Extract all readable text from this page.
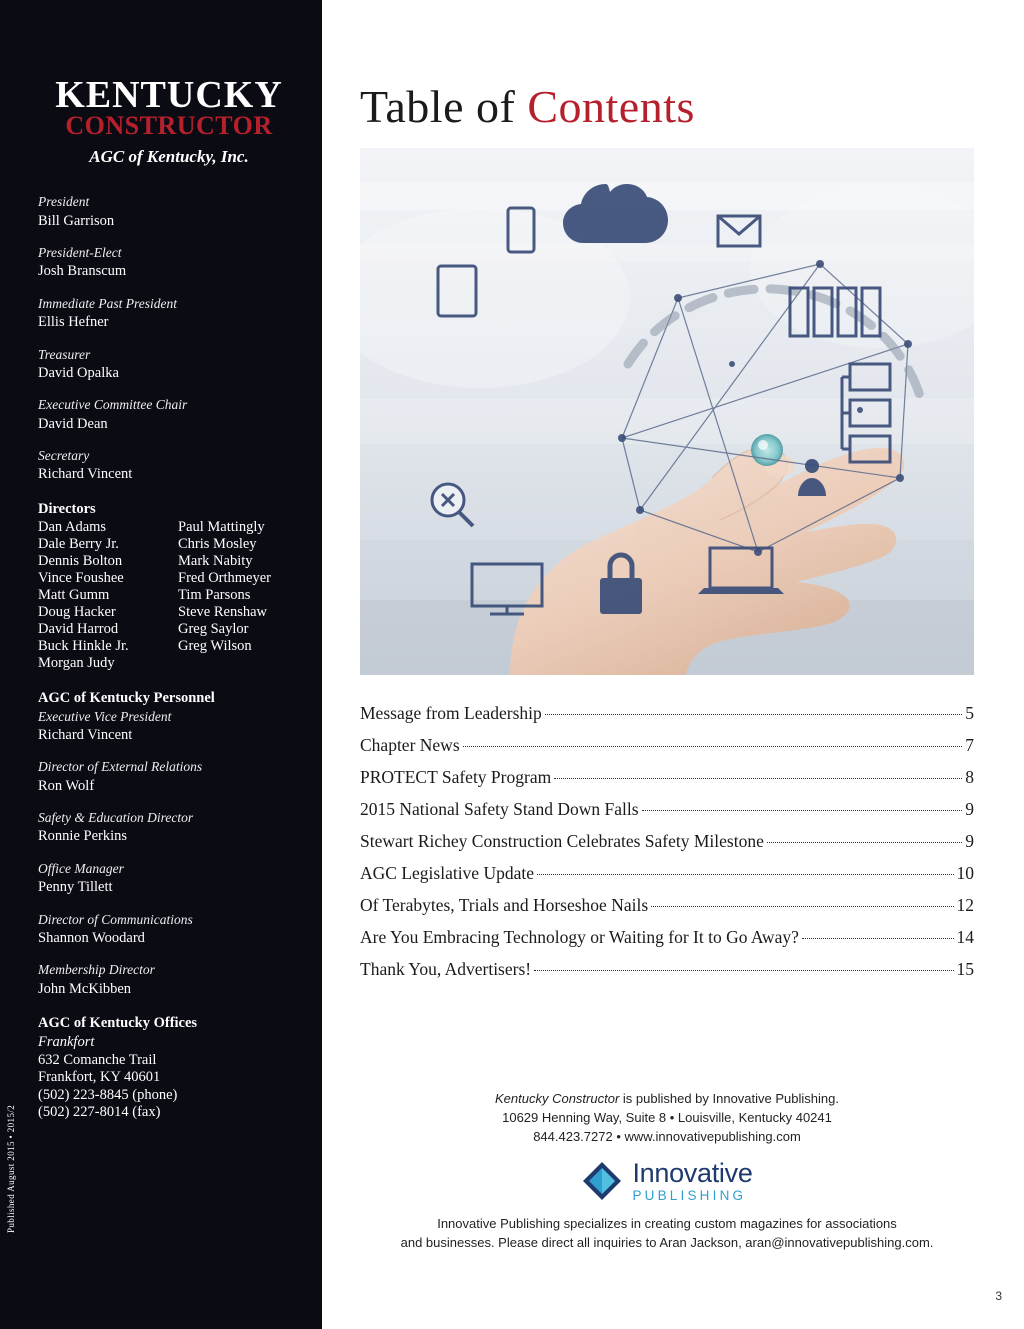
KENTUCKY
CONSTRUCTOR
AGC of Kentucky, Inc.
President
Bill Garrison
President-Elect
Josh Branscum
Immediate Past President
Ellis Hefner
Treasurer
David Opalka
Executive Committee Chair
David Dean
Secretary
Richard Vincent
Directors
Dan Adams
Dale Berry Jr.
Dennis Bolton
Vince Foushee
Matt Gumm
Doug Hacker
David Harrod
Buck Hinkle Jr.
Morgan Judy
Paul Mattingly
Chris Mosley
Mark Nabity
Fred Orthmeyer
Tim Parsons
Steve Renshaw
Greg Saylor
Greg Wilson
AGC of Kentucky Personnel
Executive Vice President
Richard Vincent
Director of External Relations
Ron Wolf
Safety & Education Director
Ronnie Perkins
Office Manager
Penny Tillett
Director of Communications
Shannon Woodard
Membership Director
John McKibben
AGC of Kentucky Offices
Frankfort
632 Comanche Trail
Frankfort, KY 40601
(502) 223-8845 (phone)
(502) 227-8014 (fax)
Published August 2015 • 2015/2
Table of Contents
Message from Leadership	5
Chapter News	7
PROTECT Safety Program	8
2015 National Safety Stand Down Falls	9
Stewart Richey Construction Celebrates Safety Milestone	9
AGC Legislative Update	10
Of Terabytes, Trials and Horseshoe Nails	12
Are You Embracing Technology or Waiting for It to Go Away?	14
Thank You, Advertisers!	15
Kentucky Constructor is published by Innovative Publishing.
10629 Henning Way, Suite 8 • Louisville, Kentucky 40241
844.423.7272 • www.innovativepublishing.com
Innovative
PUBLISHING
Innovative Publishing specializes in creating custom magazines for associations
and businesses. Please direct all inquiries to Aran Jackson, aran@innovativepublishing.com.
3
